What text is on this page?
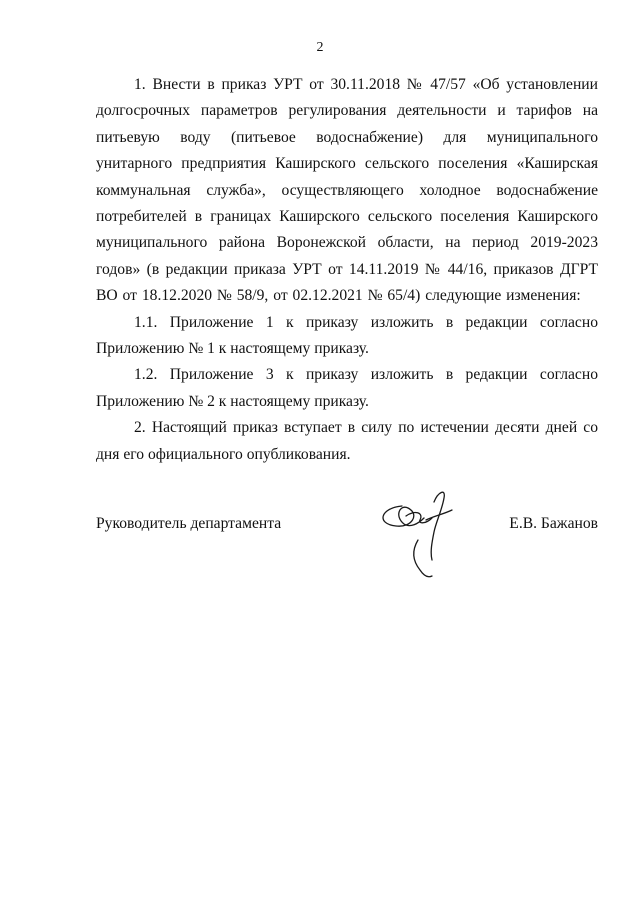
2

1. Внести в приказ УРТ от 30.11.2018 № 47/57 «Об установлении долгосрочных параметров регулирования деятельности и тарифов на питьевую воду (питьевое водоснабжение) для муниципального унитарного предприятия Каширского сельского поселения «Каширская коммунальная служба», осуществляющего холодное водоснабжение потребителей в границах Каширского сельского поселения Каширского муниципального района Воронежской области, на период 2019-2023 годов» (в редакции приказа УРТ от 14.11.2019 № 44/16, приказов ДГРТ ВО от 18.12.2020 № 58/9, от 02.12.2021 № 65/4) следующие изменения:

1.1. Приложение 1 к приказу изложить в редакции согласно Приложению № 1 к настоящему приказу.

1.2. Приложение 3 к приказу изложить в редакции согласно Приложению № 2 к настоящему приказу.

2. Настоящий приказ вступает в силу по истечении десяти дней со дня его официального опубликования.

Руководитель департамента	Е.В. Бажанов
